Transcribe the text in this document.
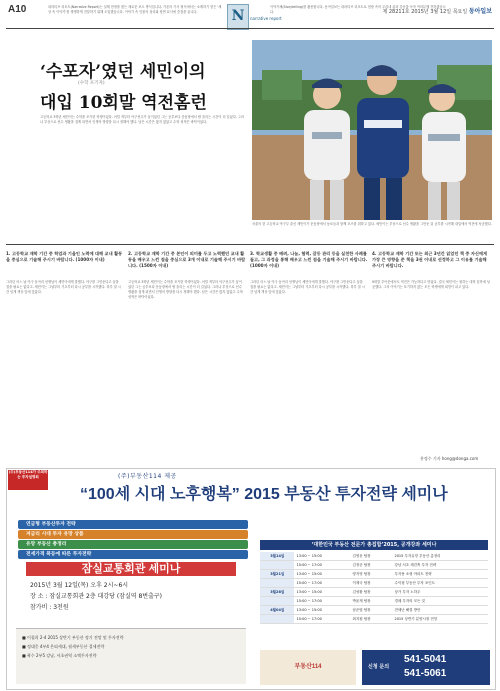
A10	내러티브 리포트(Narrative Report)는 실제 현장을 찾는 새로운 보도 방식입니다. 기존의 기사 형식에서는 소재하기 힘든 '세상 속 이야기'를 생생하게 전달하기 위해 도입했습니다. 이야기 속 인물의 심리와 장면 묘사에 중점을 둡니다.	N	narrative report
이야기체(Storytelling)를 활용합니다. 동아일보는 내러티브 리포트로 현장 속의 우리네 삶과 감동을 독자 여러분께 전하겠습니다.	제 28211호 2015년 3월 12일 목요일 동아일보
‘수포자’였던 세민이의
(수학 포기자)
대입 10회말 역전홈런
고등학교 3학년 세민이는 수학을 포기한 학생이었다. 어릴 적부터 야구선수가 꿈이었던 그는 공부보다 운동장에서 땀 흘리는 시간이 더 길었다. 그러나 부상으로 선수 생활을 접게 되면서 인생의 방향을 다시 정해야 했다. 남은 시간은 많지 않았고 수학 성적은 바닥이었다.
서울의 한 고등학교 야구부 출신 세민이가 운동장에서 동료들과 함께 포즈를 취하고 있다. 세민이는 부상으로 선수 생활을 그만둔 뒤 공부를 시작해 대입에서 역전에 성공했다.
1. 고등학교 재학 기간 중 학업과 기울인 노력에 대해 교내 활동을 중심으로 기술해 주시기 바랍니다. (1000자 이내)
2. 고등학교 재학 기간 중 본인이 의미를 두고 노력했던 교내 활동을 배우고 느낀 점을 중심으로 3개 이내로 기술해 주시기 바랍니다. (1500자 이내)
3. 학교생활 중 배려, 나눔, 협력, 갈등 관리 등을 실천한 사례를 들고, 그 과정을 통해 배우고 느낀 점을 기술해 주시기 바랍니다. (1000자 이내)
4. 고등학교 재학 기간 또는 최근 3년간 읽었던 책 중 자신에게 가장 큰 영향을 준 책을 3권 이내로 선정하고 그 이유를 기술해 주시기 바랍니다.
그러던 어느 날 야구 동아리 선생님이 세민이에게 말했다. 야구를 그만둔다고 꿈을 접을 필요는 없다고. 세민이는 그날부터 기초부터 다시 공부를 시작했다. 하루 열 시간 넘게 책상 앞에 앉았다.
고등학교 3학년 세민이는 수학을 포기한 학생이었다. 어릴 적부터 야구선수가 꿈이었던 그는 공부보다 운동장에서 땀 흘리는 시간이 더 길었다. 그러나 부상으로 선수 생활을 접게 되면서 인생의 방향을 다시 정해야 했다. 남은 시간은 많지 않았고 수학 성적은 바닥이었다.
그러던 어느 날 야구 동아리 선생님이 세민이에게 말했다. 야구를 그만둔다고 꿈을 접을 필요는 없다고. 세민이는 그날부터 기초부터 다시 공부를 시작했다. 하루 열 시간 넘게 책상 앞에 앉았다.
9회말 투아웃에서도 역전은 가능하다고 믿었다. 결국 세민이는 원하는 대학 입학에 성공했다. 그의 이야기는 포기하지 않는 모든 학생에게 희망이 되고 있다.
홍정수 기자 hong@donga.com
(주)부동산114가 주최하는 투자설명회	(주)부동산114 제공
“100세 시대 노후행복” 2015 부동산 투자전략 세미나
연금형 부동산투자 전략
저금리 시대 투자 유망 상품
유망 부동산 총정리
전세가격 폭등에 따른 투자전략
잠실교통회관 세미나
2015년 3월 12일(목) 오후 2시~6시
장 소 : 잠실교통회관 2층 대강당 (잠실역 8번출구)
참가비 : 3천원
■ 이철희 2-4 2015 상반기 부동산 정기 전망 및 투자전략
■ 정대웅 4부4 은퇴세대, 월세부동산 절세전략
■ 곽수 2부5 강남, 서초권역 소액투자전략
‘대한민국 부동산 전문가 총집합’2015, 공개강좌 세미나
3월14일	13:00 ~ 15:00	김영웅 팀장	2015 투자유망 부동산 총정리
	15:00 ~ 17:00	김정준 팀장	강남 서초 재건축 투자 전략
3월21일	13:00 ~ 15:00	양지영 팀장	투자용 소형 아파트 전략
	15:00 ~ 17:00	이재국 팀장	수익형 부동산 투자 포인트
3월28일	13:00 ~ 15:00	김성환 팀장	상가 투자 노하우
	15:00 ~ 17:00	박윤재 팀장	경매 투자의 모든 것
4월04일	13:00 ~ 15:00	남준엽 팀장	전세난 해결 방안
	15:00 ~ 17:00	최지원 팀장	2015 상반기 분양시장 전망
부동산114	신청 문의
541-5041
541-5061
